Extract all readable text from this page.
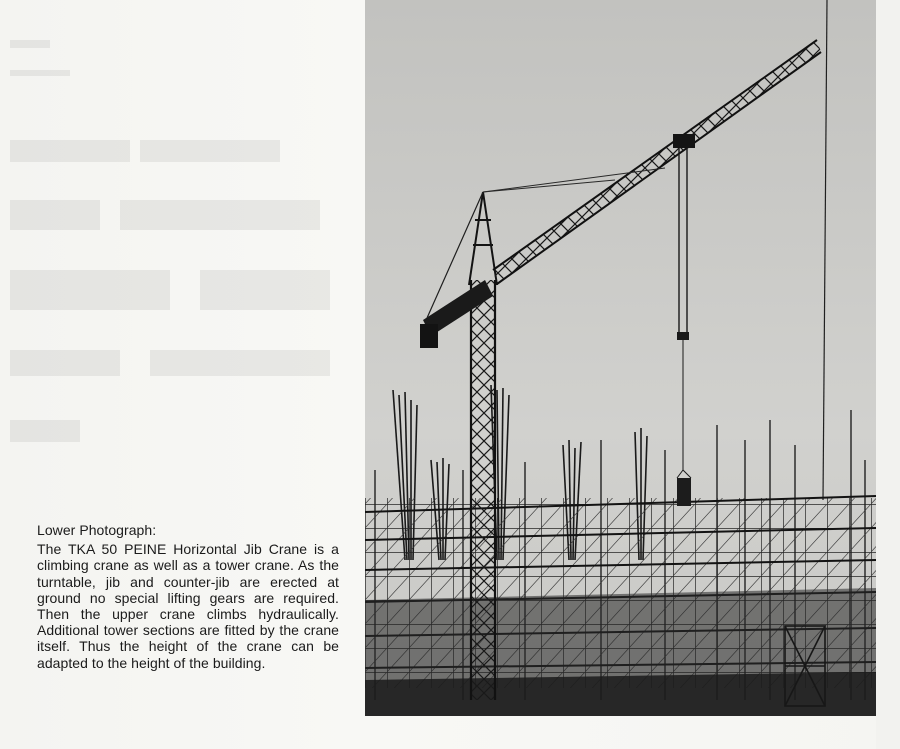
Lower Photograph:
The TKA 50 PEINE Horizontal Jib Crane is a climbing crane as well as a tower crane. As the turntable, jib and counter-jib are erected at ground no special lifting gears are required. Then the upper crane climbs hydraulically. Additional tower sections are fitted by the crane itself. Thus the height of the crane can be adapted to the height of the building.
